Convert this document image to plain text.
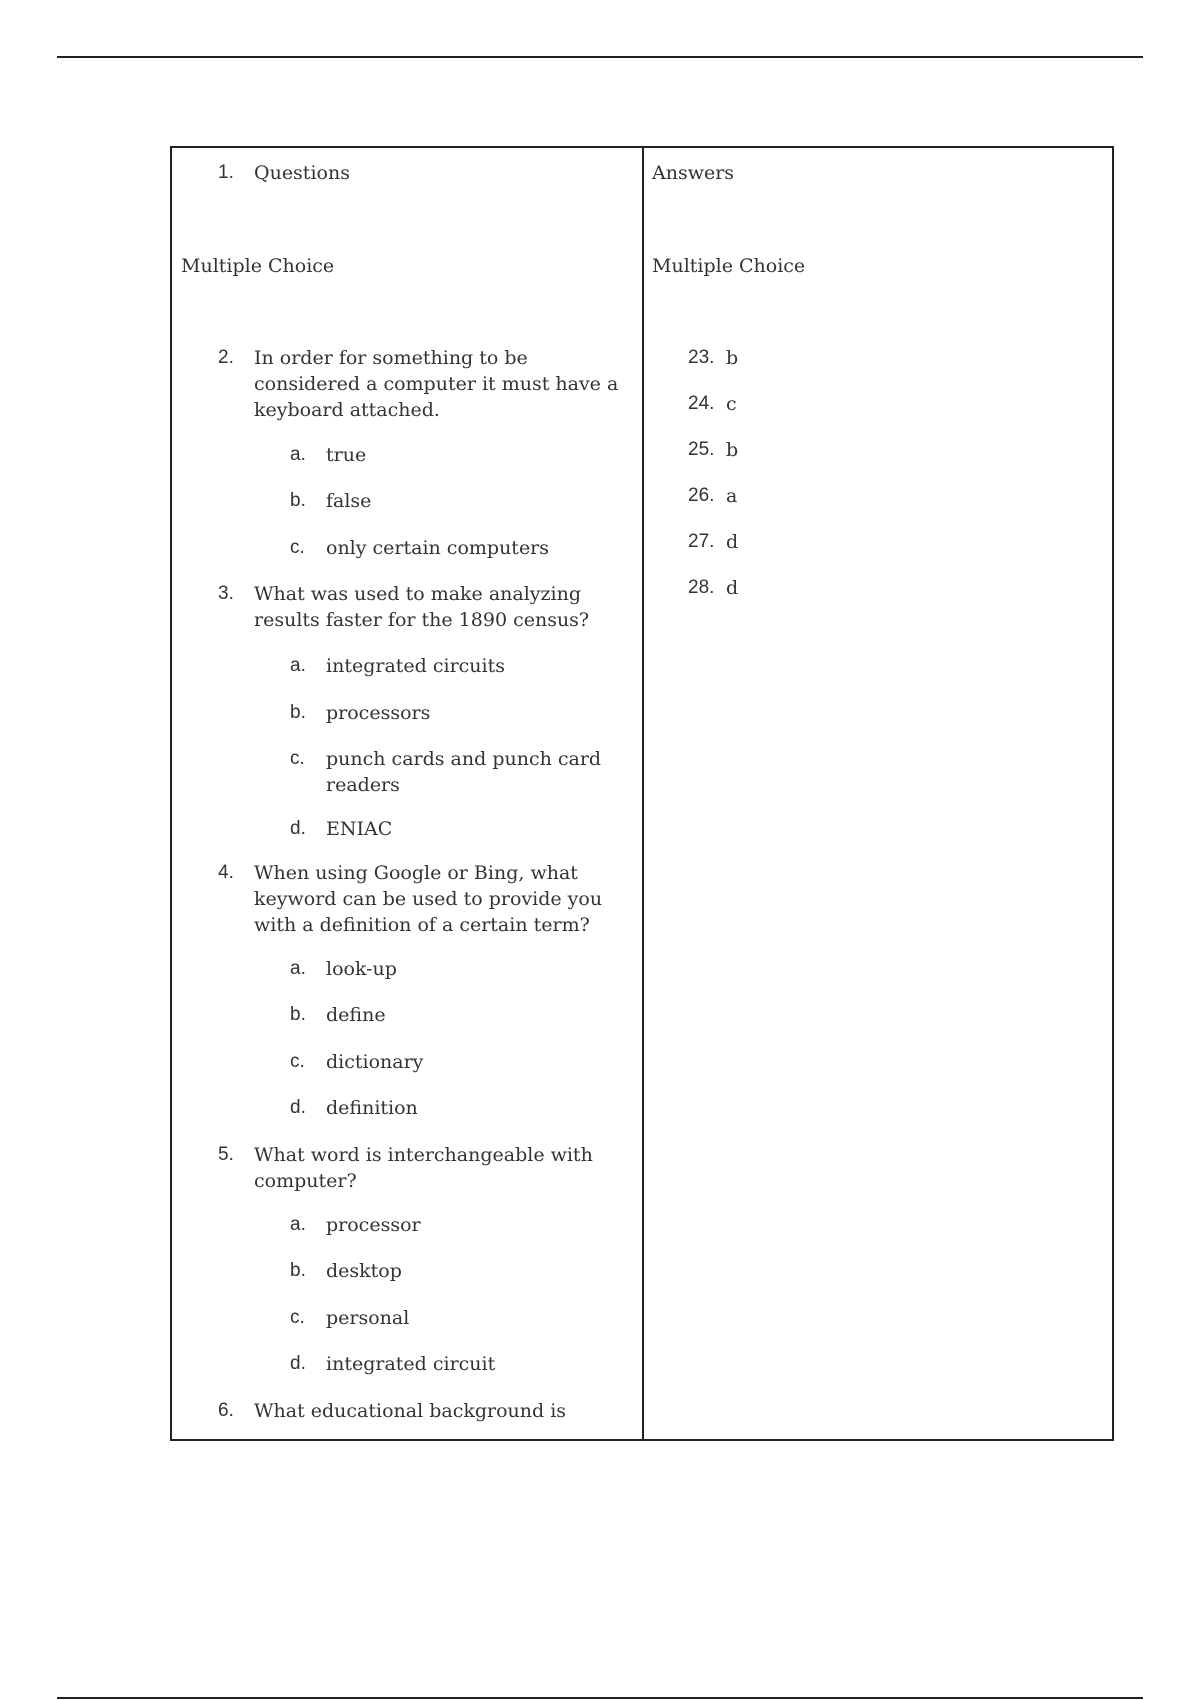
1. Questions
Multiple Choice
2. In order for something to be considered a computer it must have a keyboard attached.
a. true
b. false
c. only certain computers
3. What was used to make analyzing results faster for the 1890 census?
a. integrated circuits
b. processors
c. punch cards and punch card readers
d. ENIAC
4. When using Google or Bing, what keyword can be used to provide you with a definition of a certain term?
a. look-up
b. define
c. dictionary
d. definition
5. What word is interchangeable with computer?
a. processor
b. desktop
c. personal
d. integrated circuit
6. What educational background is
Answers
Multiple Choice
23. b
24. c
25. b
26. a
27. d
28. d
